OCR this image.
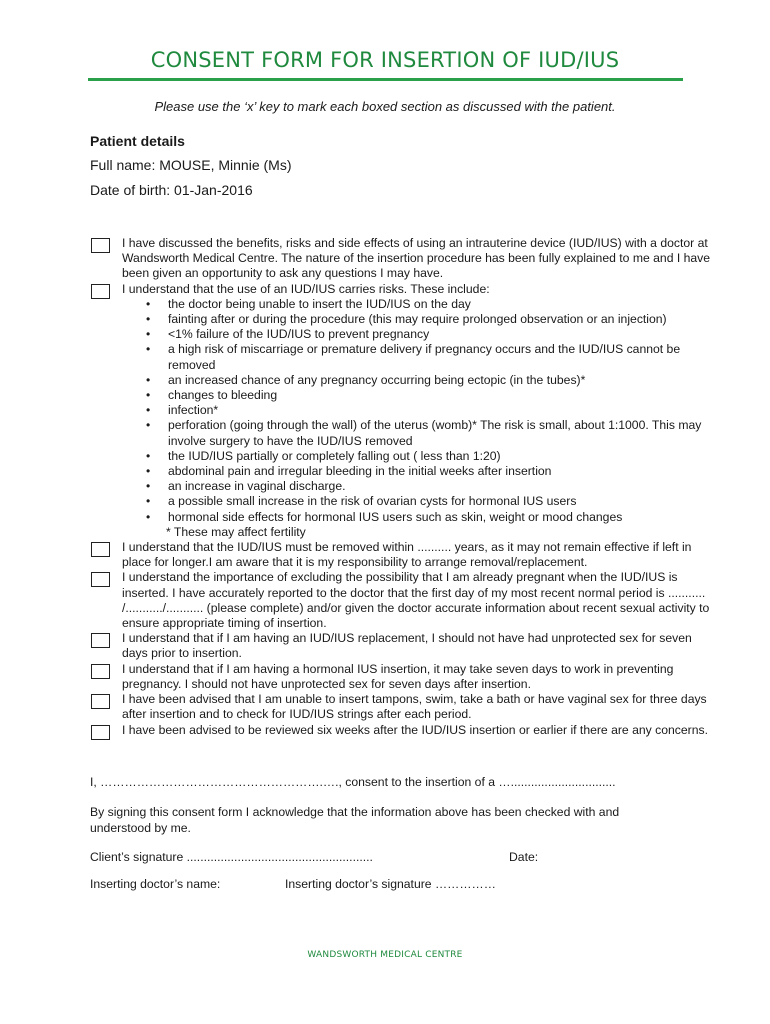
CONSENT FORM FOR INSERTION OF IUD/IUS
Please use the ‘x’ key to mark each boxed section as discussed with the patient.
Patient details
Full name: MOUSE, Minnie (Ms)
Date of birth: 01-Jan-2016
I have discussed the benefits, risks and side effects of using an intrauterine device (IUD/IUS) with a doctor at Wandsworth Medical Centre. The nature of the insertion procedure has been fully explained to me and I have been given an opportunity to ask any questions I may have.
I understand that the use of an IUD/IUS carries risks. These include:
• the doctor being unable to insert the IUD/IUS on the day
• fainting after or during the procedure (this may require prolonged observation or an injection)
• <1% failure of the IUD/IUS to prevent pregnancy
• a high risk of miscarriage or premature delivery if pregnancy occurs and the IUD/IUS cannot be removed
• an increased chance of any pregnancy occurring being ectopic (in the tubes)*
• changes to bleeding
• infection*
• perforation (going through the wall) of the uterus (womb)* The risk is small, about 1:1000. This may involve surgery to have the IUD/IUS removed
• the IUD/IUS partially or completely falling out ( less than 1:20)
• abdominal pain and irregular bleeding in the initial weeks after insertion
• an increase in vaginal discharge.
• a possible small increase in the risk of ovarian cysts for hormonal IUS users
• hormonal side effects for hormonal IUS users such as skin, weight or mood changes
* These may affect fertility
I understand that the IUD/IUS must be removed within .......... years, as it may not remain effective if left in place for longer.I am aware that it is my responsibility to arrange removal/replacement.
I understand the importance of excluding the possibility that I am already pregnant when the IUD/IUS is inserted. I have accurately reported to the doctor that the first day of my most recent normal period is ........... /.........../........... (please complete) and/or given the doctor accurate information about recent sexual activity to ensure appropriate timing of insertion.
I understand that if I am having an IUD/IUS replacement, I should not have had unprotected sex for seven days prior to insertion.
I understand that if I am having a hormonal IUS insertion, it may take seven days to work in preventing pregnancy. I should not have unprotected sex for seven days after insertion.
I have been advised that I am unable to insert tampons, swim, take a bath or have vaginal sex for three days after insertion and to check for IUD/IUS strings after each period.
I have been advised to be reviewed six weeks after the IUD/IUS insertion or earlier if there are any concerns.
I, ……………………………………………….…., consent to the insertion of a …...............................
By signing this consent form I acknowledge that the information above has been checked with and understood by me.
Client’s signature .......................................................	Date:
Inserting doctor’s name:	Inserting doctor’s signature ……………
WANDSWORTH MEDICAL CENTRE
